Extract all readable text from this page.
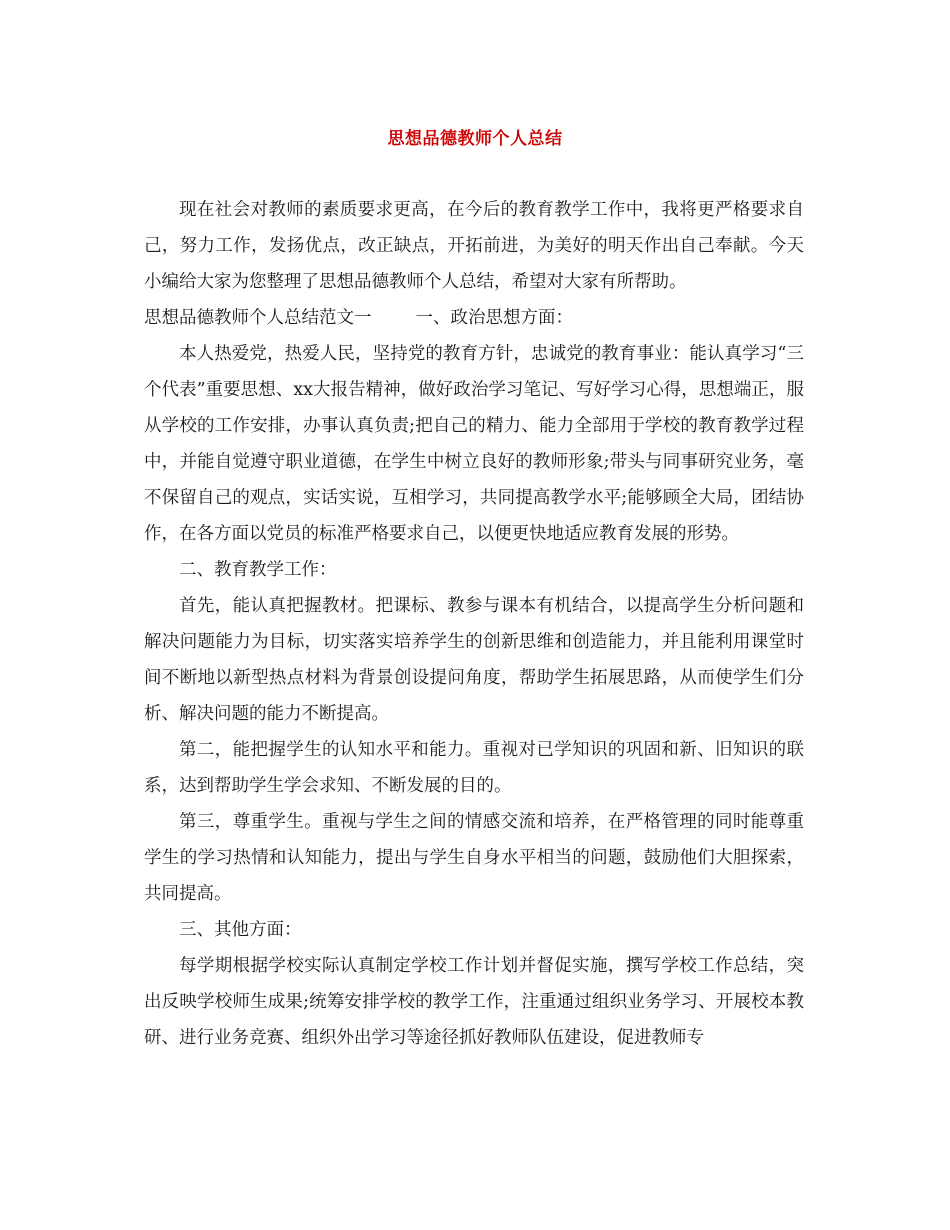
思想品德教师个人总结

现在社会对教师的素质要求更高，在今后的教育教学工作中，我将更严格要求自己，努力工作，发扬优点，改正缺点，开拓前进，为美好的明天作出自己奉献。今天小编给大家为您整理了思想品德教师个人总结，希望对大家有所帮助。

思想品德教师个人总结范文一	一、政治思想方面：

本人热爱党，热爱人民，坚持党的教育方针，忠诚党的教育事业：能认真学习“三个代表”重要思想、xx大报告精神，做好政治学习笔记、写好学习心得，思想端正，服从学校的工作安排，办事认真负责;把自己的精力、能力全部用于学校的教育教学过程中，并能自觉遵守职业道德，在学生中树立良好的教师形象;带头与同事研究业务，毫不保留自己的观点，实话实说，互相学习，共同提高教学水平;能够顾全大局，团结协作，在各方面以党员的标准严格要求自己，以便更快地适应教育发展的形势。

二、教育教学工作：

首先，能认真把握教材。把课标、教参与课本有机结合，以提高学生分析问题和解决问题能力为目标，切实落实培养学生的创新思维和创造能力，并且能利用课堂时间不断地以新型热点材料为背景创设提问角度，帮助学生拓展思路，从而使学生们分析、解决问题的能力不断提高。

第二，能把握学生的认知水平和能力。重视对已学知识的巩固和新、旧知识的联系，达到帮助学生学会求知、不断发展的目的。

第三，尊重学生。重视与学生之间的情感交流和培养，在严格管理的同时能尊重学生的学习热情和认知能力，提出与学生自身水平相当的问题，鼓励他们大胆探索，共同提高。

三、其他方面：

每学期根据学校实际认真制定学校工作计划并督促实施，撰写学校工作总结，突出反映学校师生成果;统筹安排学校的教学工作，注重通过组织业务学习、开展校本教研、进行业务竞赛、组织外出学习等途径抓好教师队伍建设，促进教师专
